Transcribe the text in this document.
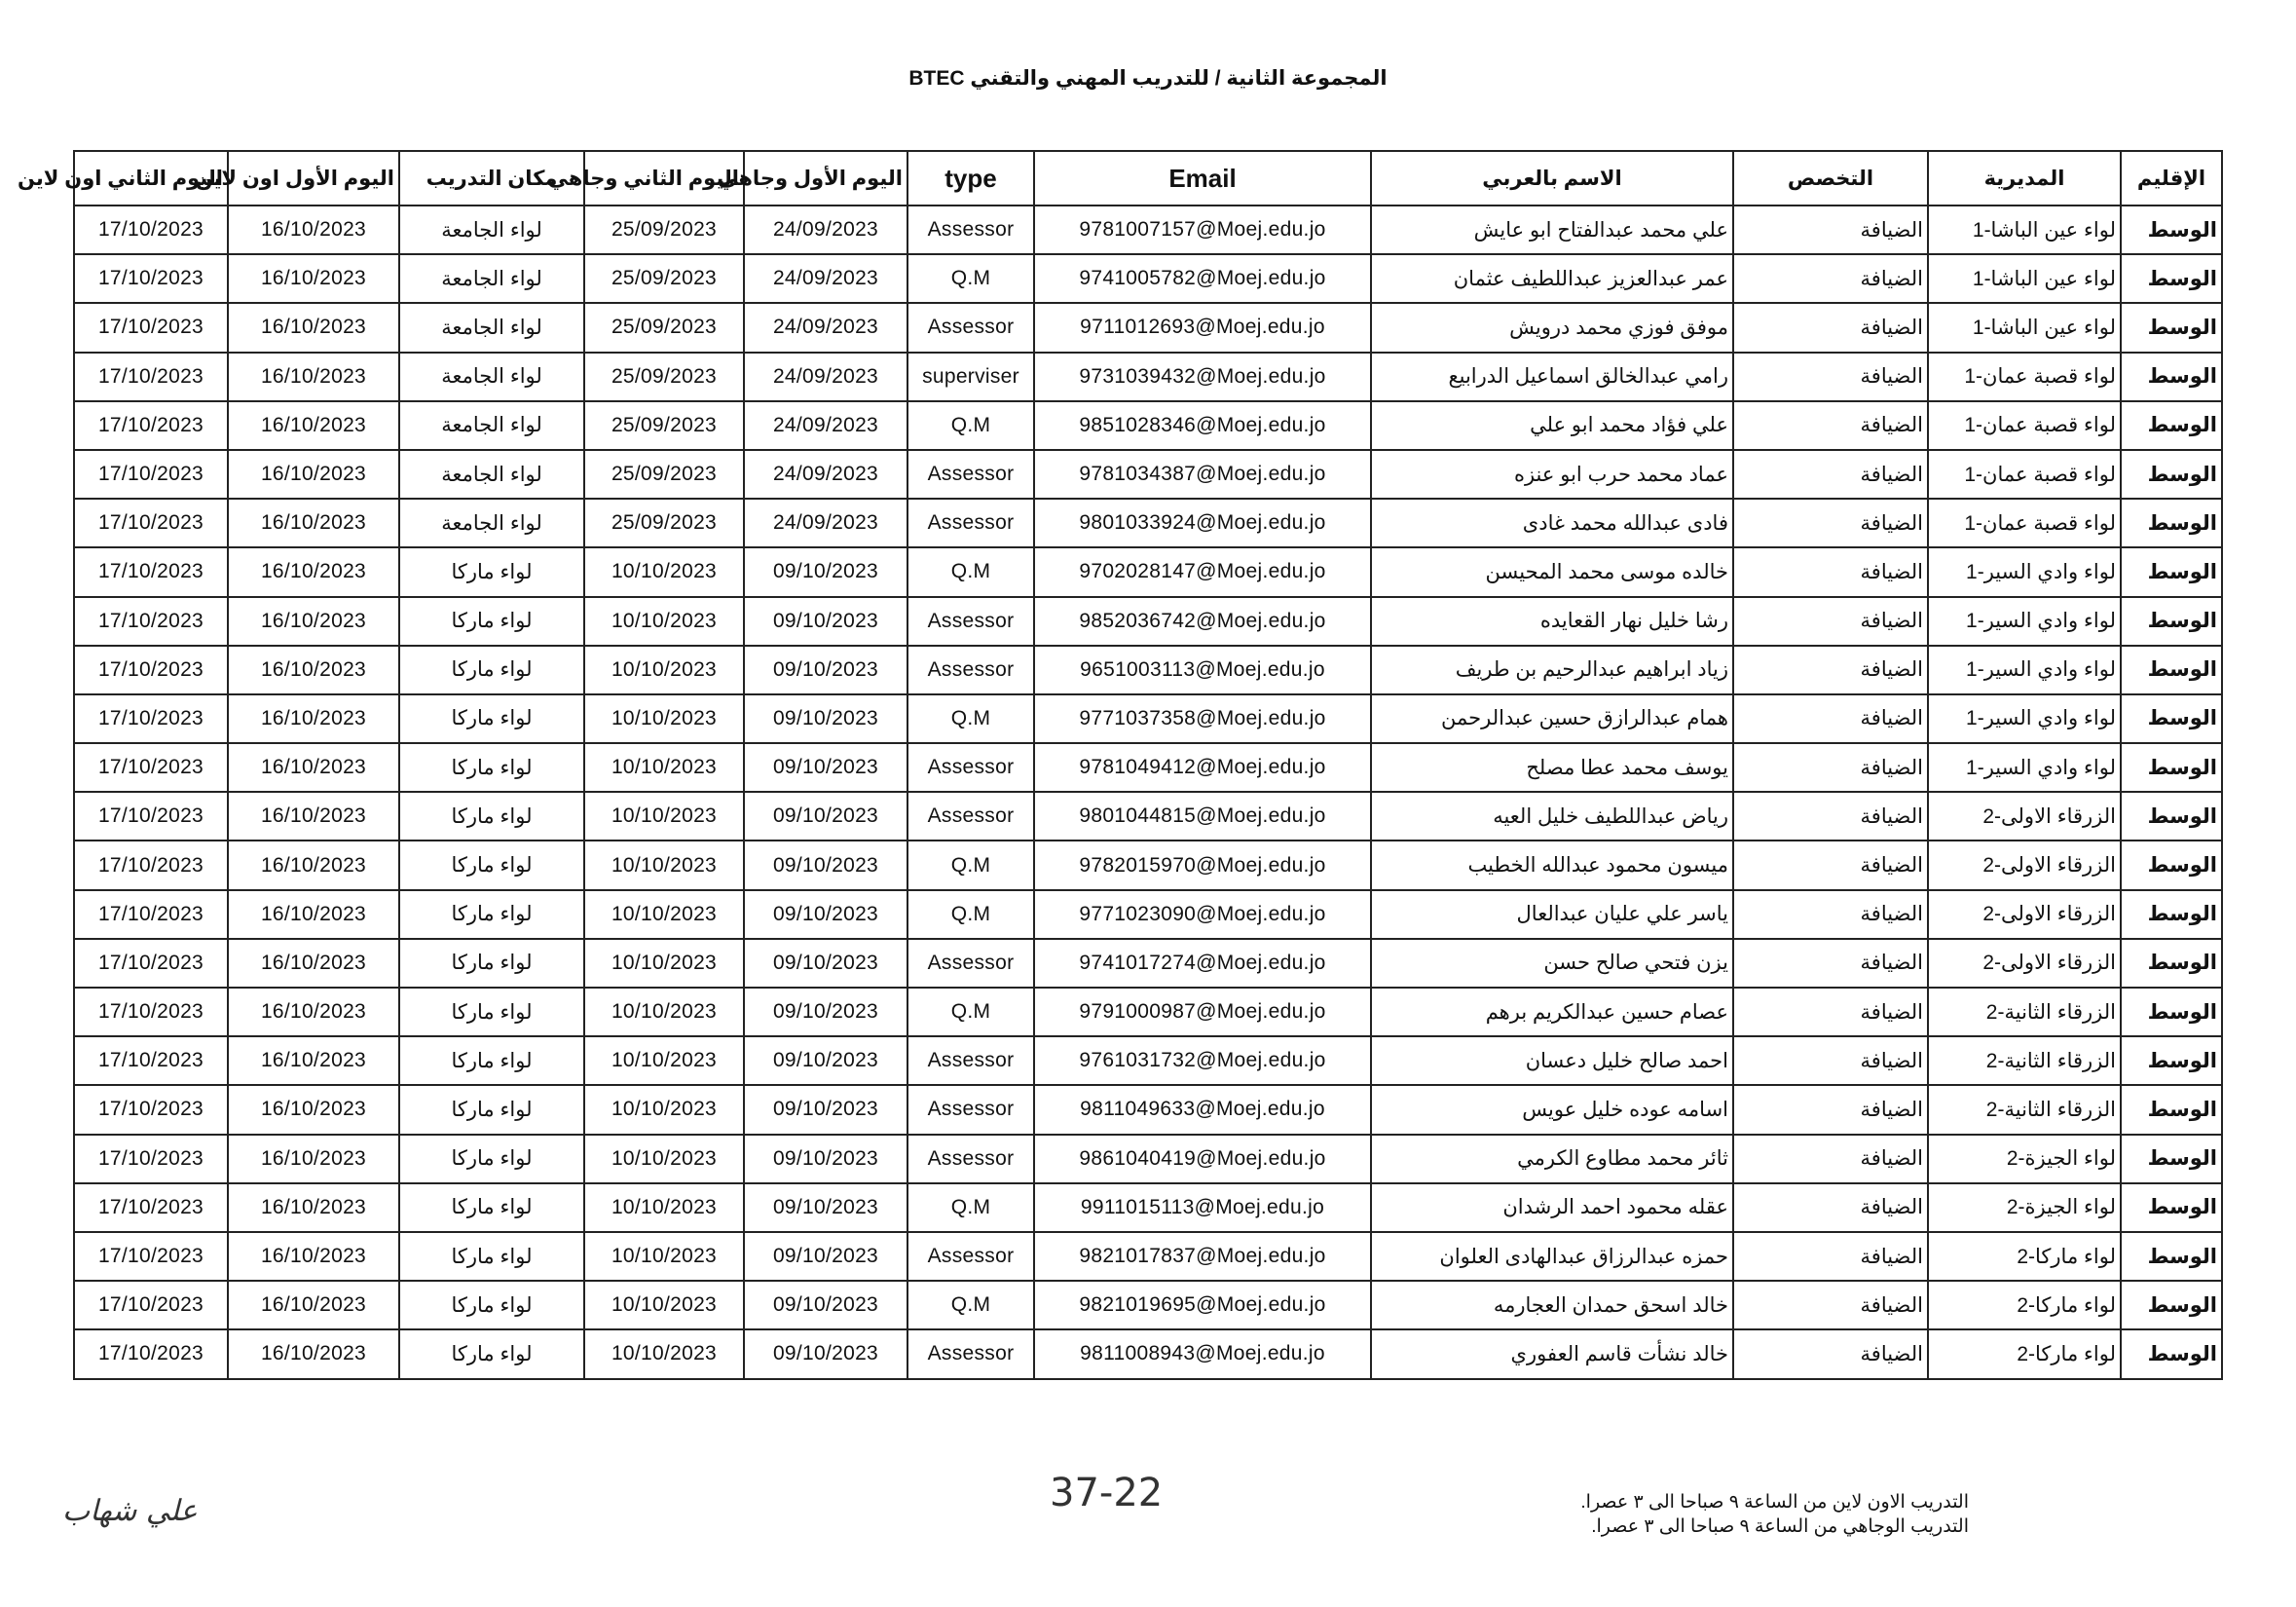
المجموعة الثانية / للتدريب المهني والتقني BTEC
الإقليم	المديرية	التخصص	الاسم بالعربي	Email	type	اليوم الأول وجاهي	اليوم الثاني وجاهي	مكان التدريب	اليوم الأول اون لاين	اليوم الثاني اون لاين
الوسط	لواء عين الباشا-1	الضيافة	علي محمد عبدالفتاح ابو عايش	9781007157@Moej.edu.jo	Assessor	24/09/2023	25/09/2023	لواء الجامعة	16/10/2023	17/10/2023
الوسط	لواء عين الباشا-1	الضيافة	عمر عبدالعزيز عبداللطيف عثمان	9741005782@Moej.edu.jo	Q.M	24/09/2023	25/09/2023	لواء الجامعة	16/10/2023	17/10/2023
الوسط	لواء عين الباشا-1	الضيافة	موفق فوزي محمد درويش	9711012693@Moej.edu.jo	Assessor	24/09/2023	25/09/2023	لواء الجامعة	16/10/2023	17/10/2023
الوسط	لواء قصبة عمان-1	الضيافة	رامي عبدالخالق اسماعيل الدرابيع	9731039432@Moej.edu.jo	superviser	24/09/2023	25/09/2023	لواء الجامعة	16/10/2023	17/10/2023
الوسط	لواء قصبة عمان-1	الضيافة	علي فؤاد محمد ابو علي	9851028346@Moej.edu.jo	Q.M	24/09/2023	25/09/2023	لواء الجامعة	16/10/2023	17/10/2023
الوسط	لواء قصبة عمان-1	الضيافة	عماد محمد حرب ابو عنزه	9781034387@Moej.edu.jo	Assessor	24/09/2023	25/09/2023	لواء الجامعة	16/10/2023	17/10/2023
الوسط	لواء قصبة عمان-1	الضيافة	فادى عبدالله محمد غادى	9801033924@Moej.edu.jo	Assessor	24/09/2023	25/09/2023	لواء الجامعة	16/10/2023	17/10/2023
الوسط	لواء وادي السير-1	الضيافة	خالده موسى محمد المحيسن	9702028147@Moej.edu.jo	Q.M	09/10/2023	10/10/2023	لواء ماركا	16/10/2023	17/10/2023
الوسط	لواء وادي السير-1	الضيافة	رشا خليل نهار القعايده	9852036742@Moej.edu.jo	Assessor	09/10/2023	10/10/2023	لواء ماركا	16/10/2023	17/10/2023
الوسط	لواء وادي السير-1	الضيافة	زياد ابراهيم عبدالرحيم بن طريف	9651003113@Moej.edu.jo	Assessor	09/10/2023	10/10/2023	لواء ماركا	16/10/2023	17/10/2023
الوسط	لواء وادي السير-1	الضيافة	همام عبدالرازق حسين عبدالرحمن	9771037358@Moej.edu.jo	Q.M	09/10/2023	10/10/2023	لواء ماركا	16/10/2023	17/10/2023
الوسط	لواء وادي السير-1	الضيافة	يوسف محمد عطا مصلح	9781049412@Moej.edu.jo	Assessor	09/10/2023	10/10/2023	لواء ماركا	16/10/2023	17/10/2023
الوسط	الزرقاء الاولى-2	الضيافة	رياض عبداللطيف خليل العيه	9801044815@Moej.edu.jo	Assessor	09/10/2023	10/10/2023	لواء ماركا	16/10/2023	17/10/2023
الوسط	الزرقاء الاولى-2	الضيافة	ميسون محمود عبدالله الخطيب	9782015970@Moej.edu.jo	Q.M	09/10/2023	10/10/2023	لواء ماركا	16/10/2023	17/10/2023
الوسط	الزرقاء الاولى-2	الضيافة	ياسر علي عليان عبدالعال	9771023090@Moej.edu.jo	Q.M	09/10/2023	10/10/2023	لواء ماركا	16/10/2023	17/10/2023
الوسط	الزرقاء الاولى-2	الضيافة	يزن فتحي صالح حسن	9741017274@Moej.edu.jo	Assessor	09/10/2023	10/10/2023	لواء ماركا	16/10/2023	17/10/2023
الوسط	الزرقاء الثانية-2	الضيافة	عصام حسين عبدالكريم برهم	9791000987@Moej.edu.jo	Q.M	09/10/2023	10/10/2023	لواء ماركا	16/10/2023	17/10/2023
الوسط	الزرقاء الثانية-2	الضيافة	احمد صالح خليل دعسان	9761031732@Moej.edu.jo	Assessor	09/10/2023	10/10/2023	لواء ماركا	16/10/2023	17/10/2023
الوسط	الزرقاء الثانية-2	الضيافة	اسامه عوده خليل عويس	9811049633@Moej.edu.jo	Assessor	09/10/2023	10/10/2023	لواء ماركا	16/10/2023	17/10/2023
الوسط	لواء الجيزة-2	الضيافة	ثائر محمد مطاوع الكرمي	9861040419@Moej.edu.jo	Assessor	09/10/2023	10/10/2023	لواء ماركا	16/10/2023	17/10/2023
الوسط	لواء الجيزة-2	الضيافة	عقله محمود احمد الرشدان	9911015113@Moej.edu.jo	Q.M	09/10/2023	10/10/2023	لواء ماركا	16/10/2023	17/10/2023
الوسط	لواء ماركا-2	الضيافة	حمزه عبدالرزاق عبدالهادى العلوان	9821017837@Moej.edu.jo	Assessor	09/10/2023	10/10/2023	لواء ماركا	16/10/2023	17/10/2023
الوسط	لواء ماركا-2	الضيافة	خالد اسحق حمدان العجارمه	9821019695@Moej.edu.jo	Q.M	09/10/2023	10/10/2023	لواء ماركا	16/10/2023	17/10/2023
الوسط	لواء ماركا-2	الضيافة	خالد نشأت قاسم العفوري	9811008943@Moej.edu.jo	Assessor	09/10/2023	10/10/2023	لواء ماركا	16/10/2023	17/10/2023
37-22	التدريب الاون لاين من الساعة ٩ صباحا الى ٣ عصرا.
التدريب الوجاهي من الساعة ٩ صباحا الى ٣ عصرا.
علي شهاب
